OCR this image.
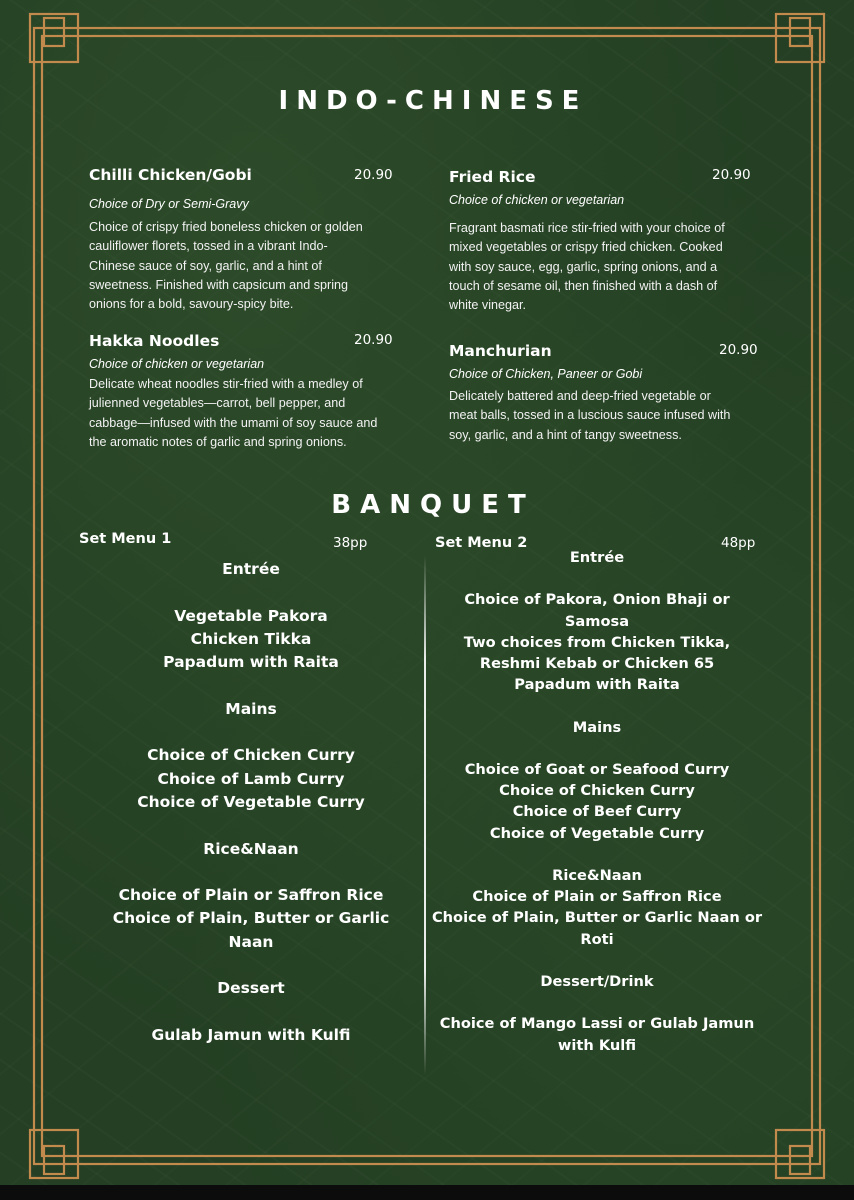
INDO-CHINESE
Chilli Chicken/Gobi	20.90
Choice of Dry or Semi-Gravy
Choice of crispy fried boneless chicken or golden
cauliflower florets, tossed in a vibrant Indo-
Chinese sauce of soy, garlic, and a hint of
sweetness. Finished with capsicum and spring
onions for a bold, savoury-spicy bite.
Fried Rice	20.90
Choice of chicken or vegetarian
Fragrant basmati rice stir-fried with your choice of
mixed vegetables or crispy fried chicken. Cooked
with soy sauce, egg, garlic, spring onions, and a
touch of sesame oil, then finished with a dash of
white vinegar.
Hakka Noodles	20.90
Choice of chicken or vegetarian
Delicate wheat noodles stir-fried with a medley of
julienned vegetables—carrot, bell pepper, and
cabbage—infused with the umami of soy sauce and
the aromatic notes of garlic and spring onions.
Manchurian	20.90
Choice of Chicken, Paneer or Gobi
Delicately battered and deep-fried vegetable or
meat balls, tossed in a luscious sauce infused with
soy, garlic, and a hint of tangy sweetness.
BANQUET
Set Menu 1	38pp	Set Menu 2	48pp
Entrée

Vegetable Pakora
Chicken Tikka
Papadum with Raita

Mains

Choice of Chicken Curry
Choice of Lamb Curry
Choice of Vegetable Curry

Rice&Naan

Choice of Plain or Saffron Rice
Choice of Plain, Butter or Garlic
Naan

Dessert

Gulab Jamun with Kulfi
Entrée

Choice of Pakora, Onion Bhaji or
Samosa
Two choices from Chicken Tikka,
Reshmi Kebab or Chicken 65
Papadum with Raita

Mains

Choice of Goat or Seafood Curry
Choice of Chicken Curry
Choice of Beef Curry
Choice of Vegetable Curry

Rice&Naan
Choice of Plain or Saffron Rice
Choice of Plain, Butter or Garlic Naan or
Roti

Dessert/Drink

Choice of Mango Lassi or Gulab Jamun
with Kulfi
